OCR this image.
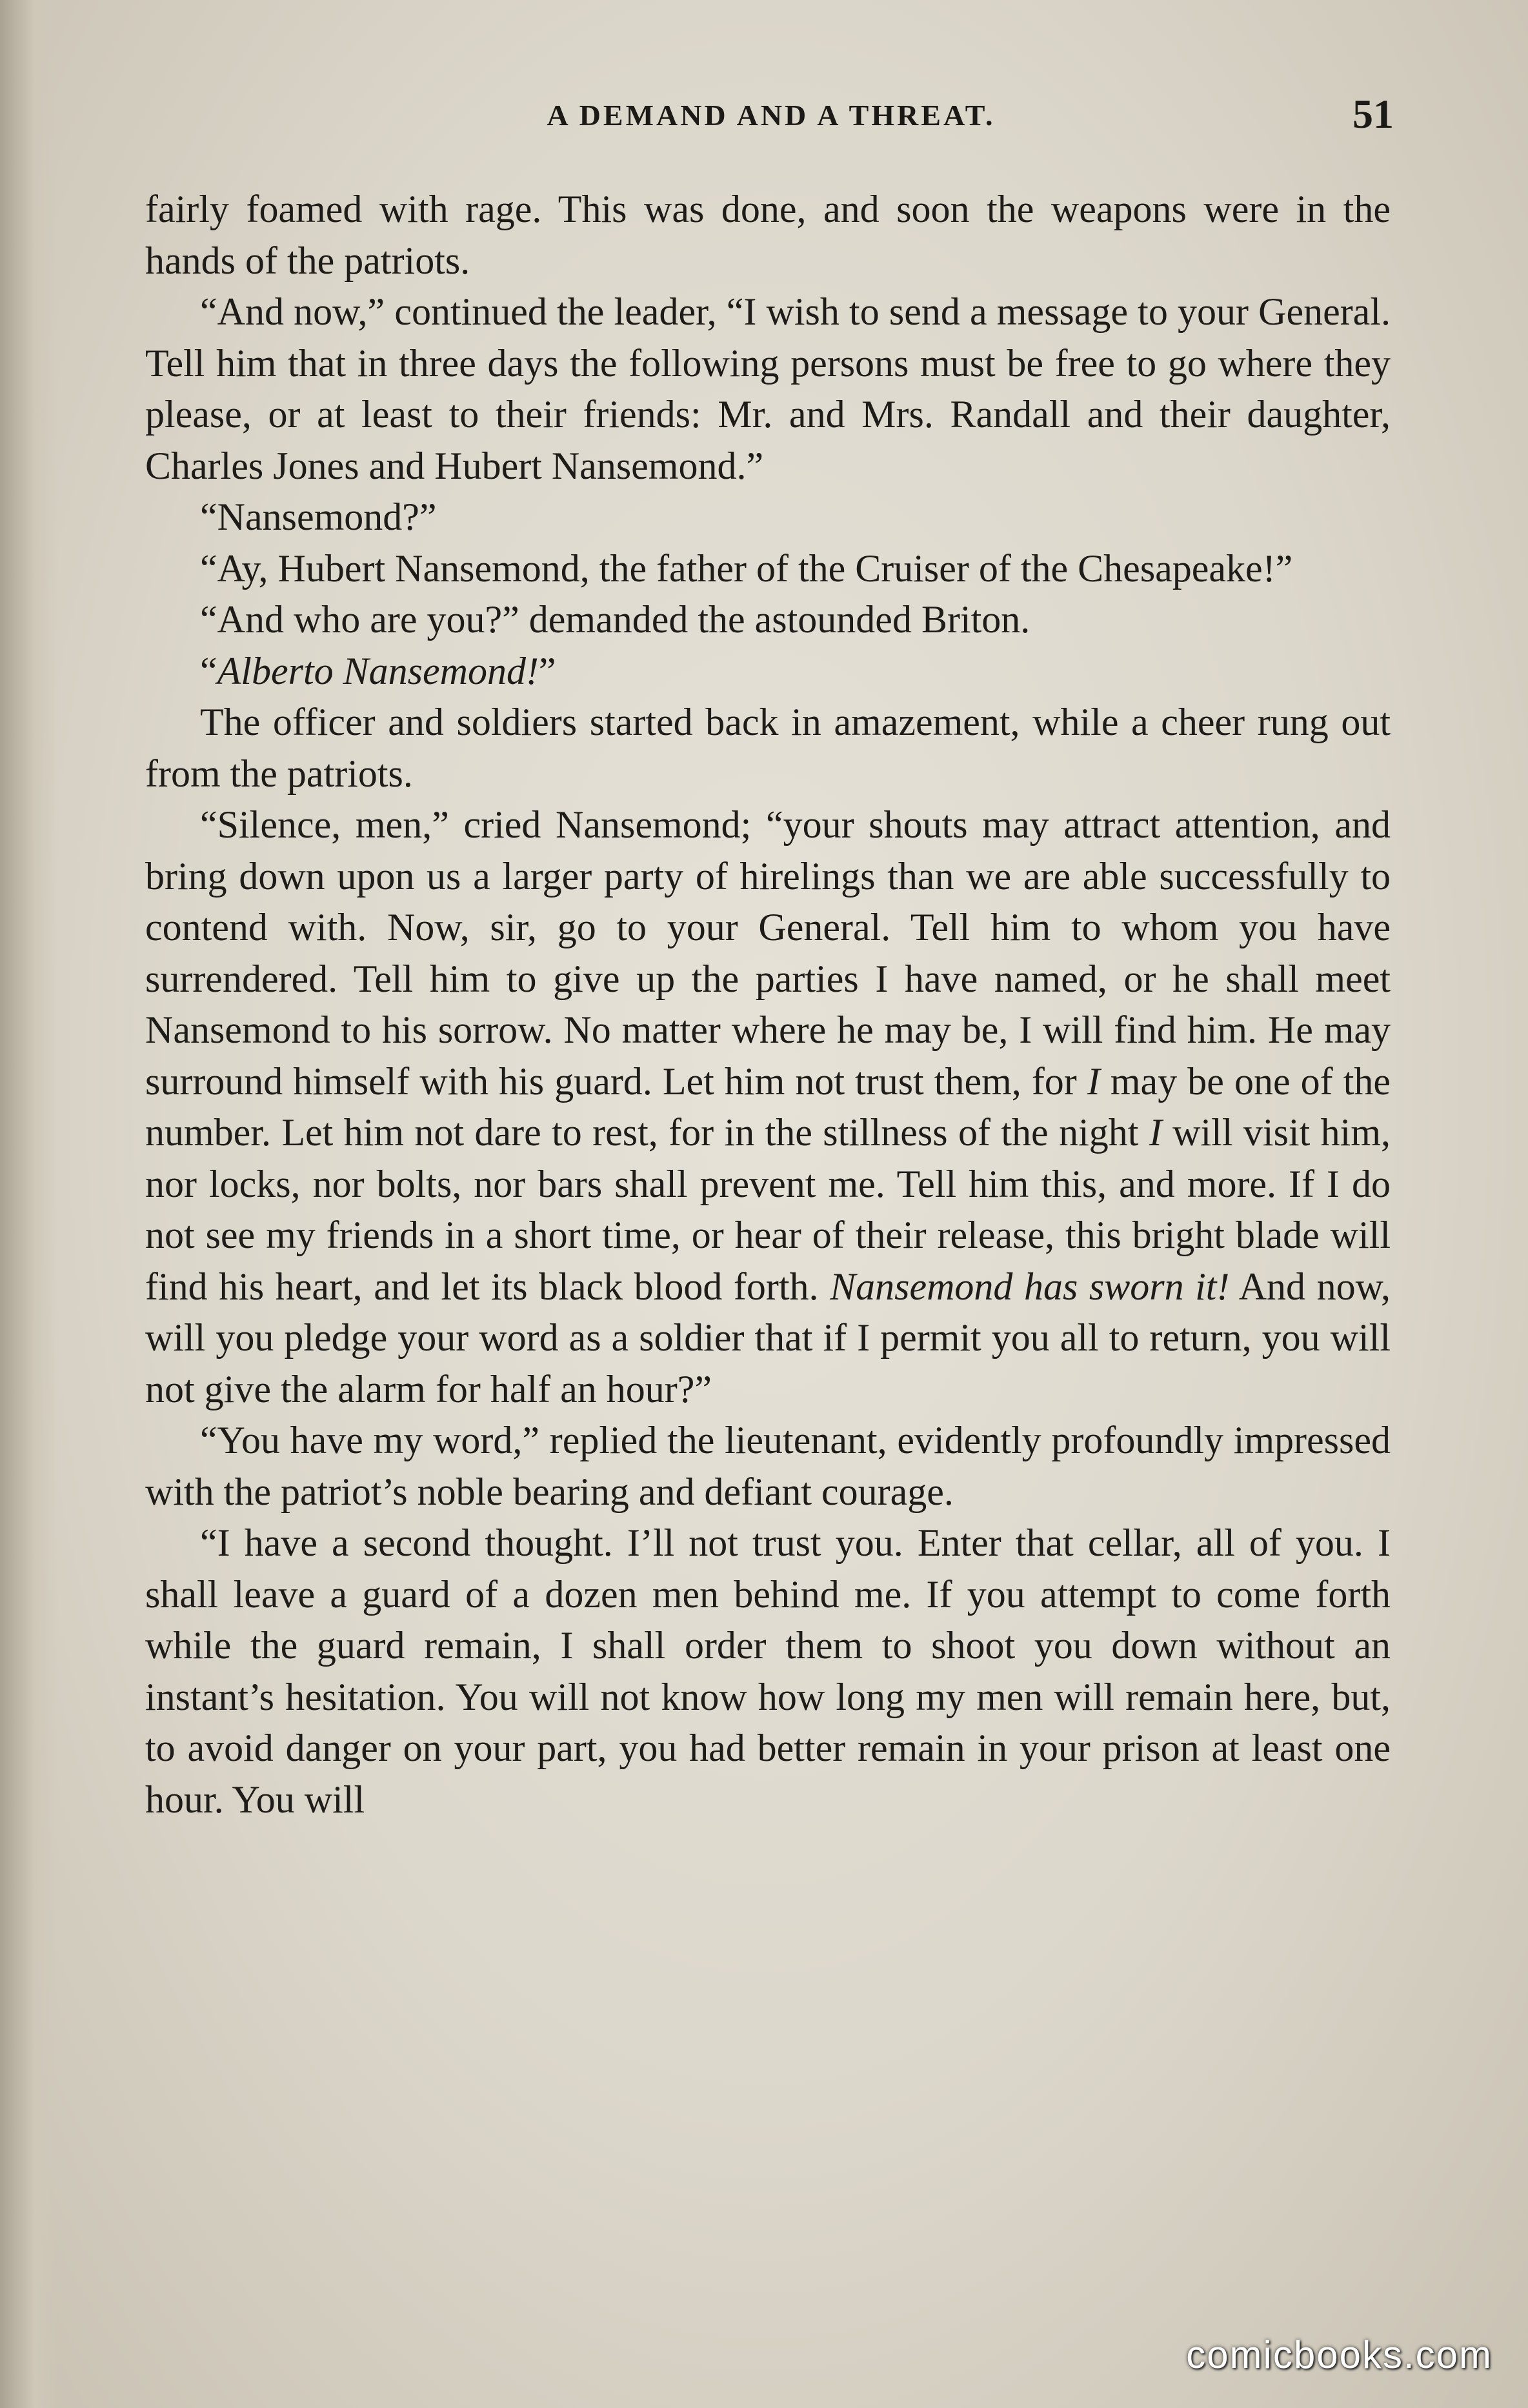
A DEMAND AND A THREAT.	51

fairly foamed with rage. This was done, and soon the weapons were in the hands of the patriots.

“And now,” continued the leader, “I wish to send a message to your General. Tell him that in three days the following persons must be free to go where they please, or at least to their friends: Mr. and Mrs. Randall and their daughter, Charles Jones and Hubert Nansemond.”

“Nansemond?”

“Ay, Hubert Nansemond, the father of the Cruiser of the Chesapeake!”

“And who are you?” demanded the astounded Briton.

“Alberto Nansemond!”

The officer and soldiers started back in amazement, while a cheer rung out from the patriots.

“Silence, men,” cried Nansemond; “your shouts may attract attention, and bring down upon us a larger party of hirelings than we are able successfully to contend with. Now, sir, go to your General. Tell him to whom you have surrendered. Tell him to give up the parties I have named, or he shall meet Nansemond to his sorrow. No matter where he may be, I will find him. He may surround himself with his guard. Let him not trust them, for I may be one of the number. Let him not dare to rest, for in the stillness of the night I will visit him, nor locks, nor bolts, nor bars shall prevent me. Tell him this, and more. If I do not see my friends in a short time, or hear of their release, this bright blade will find his heart, and let its black blood forth. Nansemond has sworn it! And now, will you pledge your word as a soldier that if I permit you all to return, you will not give the alarm for half an hour?”

“You have my word,” replied the lieutenant, evidently profoundly impressed with the patriot’s noble bearing and defiant courage.

“I have a second thought. I’ll not trust you. Enter that cellar, all of you. I shall leave a guard of a dozen men behind me. If you attempt to come forth while the guard remain, I shall order them to shoot you down without an instant’s hesitation. You will not know how long my men will remain here, but, to avoid danger on your part, you had better remain in your prison at least one hour. You will

comicbooks.com
